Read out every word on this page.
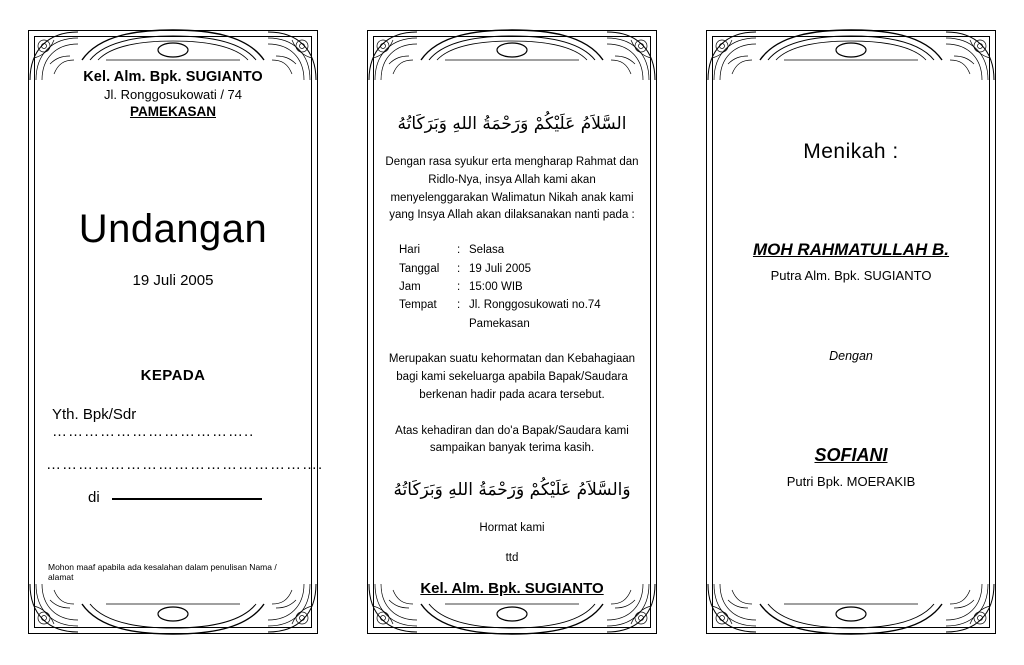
Kel. Alm. Bpk. SUGIANTO
Jl. Ronggosukowati / 74
PAMEKASAN
Undangan
19 Juli 2005
KEPADA
Yth. Bpk/Sdr ………………………………..
…………………………………………….
di
Mohon maaf apabila ada kesalahan dalam penulisan Nama / alamat
السَّلاَمُ عَلَيْكُمْ وَرَحْمَةُ اللهِ وَبَرَكَاتُهُ
Dengan rasa syukur erta mengharap Rahmat dan Ridlo-Nya, insya Allah kami akan menyelenggarakan Walimatun Nikah anak kami yang Insya Allah akan dilaksanakan nanti pada :
Hari	: Selasa
Tanggal	: 19 Juli 2005
Jam	: 15:00 WIB
Tempat	: Jl. Ronggosukowati no.74
Pamekasan
Merupakan suatu kehormatan dan Kebahagiaan bagi kami sekeluarga apabila Bapak/Saudara berkenan hadir pada acara tersebut.
Atas kehadiran dan do'a Bapak/Saudara kami sampaikan banyak terima kasih.
وَالسَّلاَمُ عَلَيْكُمْ وَرَحْمَةُ اللهِ وَبَرَكَاتُهُ
Hormat kami
ttd
Kel. Alm. Bpk. SUGIANTO
Menikah :
MOH RAHMATULLAH B.
Putra Alm. Bpk. SUGIANTO
Dengan
SOFIANI
Putri Bpk. MOERAKIB
